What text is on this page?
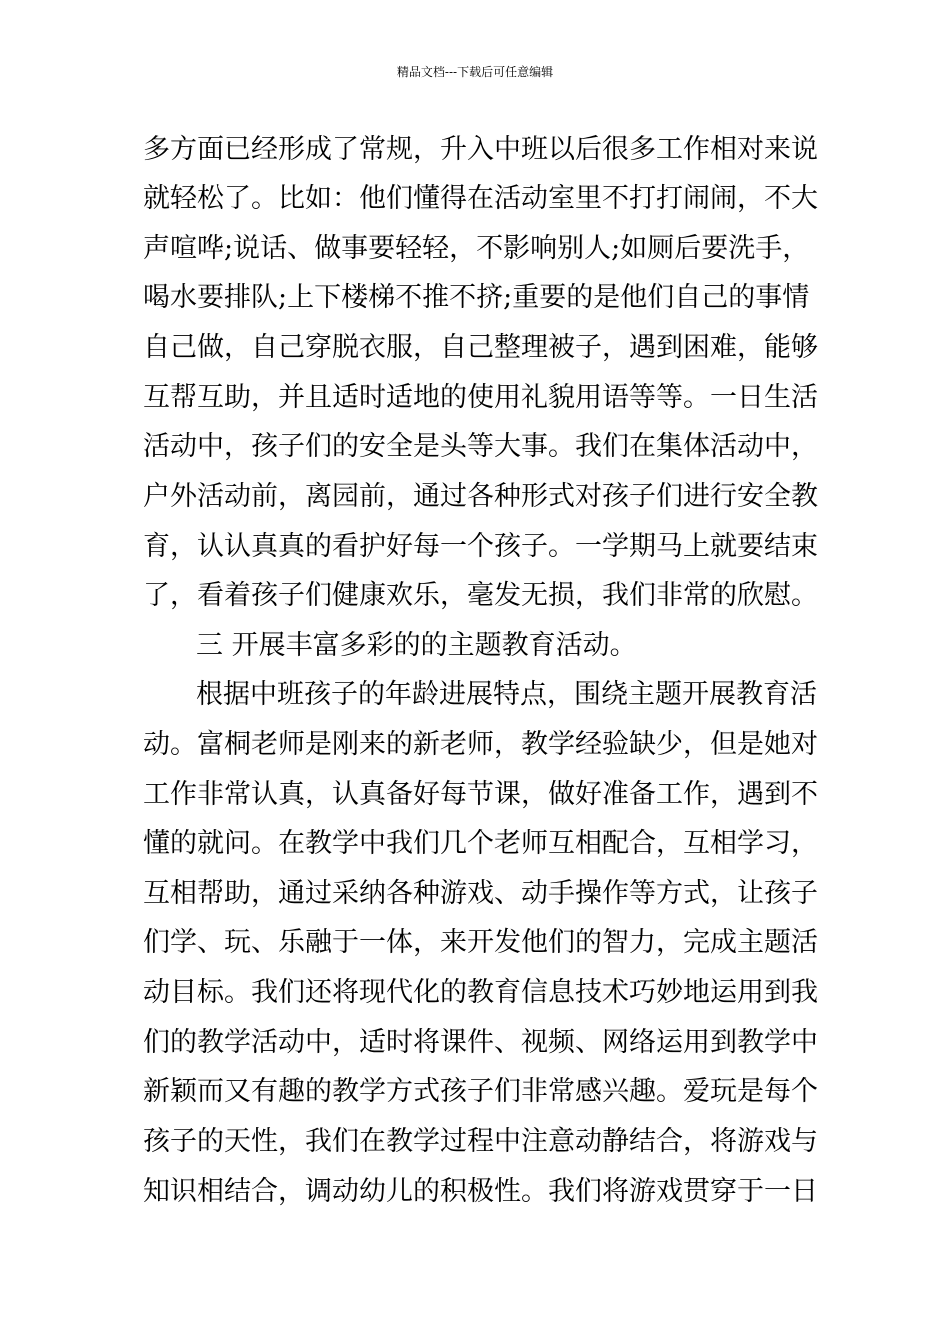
精品文档---下载后可任意编辑
多方面已经形成了常规，升入中班以后很多工作相对来说
就轻松了。比如：他们懂得在活动室里不打打闹闹，不大
声喧哗;说话、做事要轻轻，不影响别人;如厕后要洗手，
喝水要排队;上下楼梯不推不挤;重要的是他们自己的事情
自己做，自己穿脱衣服，自己整理被子，遇到困难，能够
互帮互助，并且适时适地的使用礼貌用语等等。一日生活
活动中，孩子们的安全是头等大事。我们在集体活动中，
户外活动前，离园前，通过各种形式对孩子们进行安全教
育，认认真真的看护好每一个孩子。一学期马上就要结束
了，看着孩子们健康欢乐，毫发无损，我们非常的欣慰。
三 开展丰富多彩的的主题教育活动。
根据中班孩子的年龄进展特点，围绕主题开展教育活
动。富桐老师是刚来的新老师，教学经验缺少，但是她对
工作非常认真，认真备好每节课，做好准备工作，遇到不
懂的就问。在教学中我们几个老师互相配合，互相学习，
互相帮助，通过采纳各种游戏、动手操作等方式，让孩子
们学、玩、乐融于一体，来开发他们的智力，完成主题活
动目标。我们还将现代化的教育信息技术巧妙地运用到我
们的教学活动中，适时将课件、视频、网络运用到教学中
新颖而又有趣的教学方式孩子们非常感兴趣。爱玩是每个
孩子的天性，我们在教学过程中注意动静结合，将游戏与
知识相结合，调动幼儿的积极性。我们将游戏贯穿于一日
